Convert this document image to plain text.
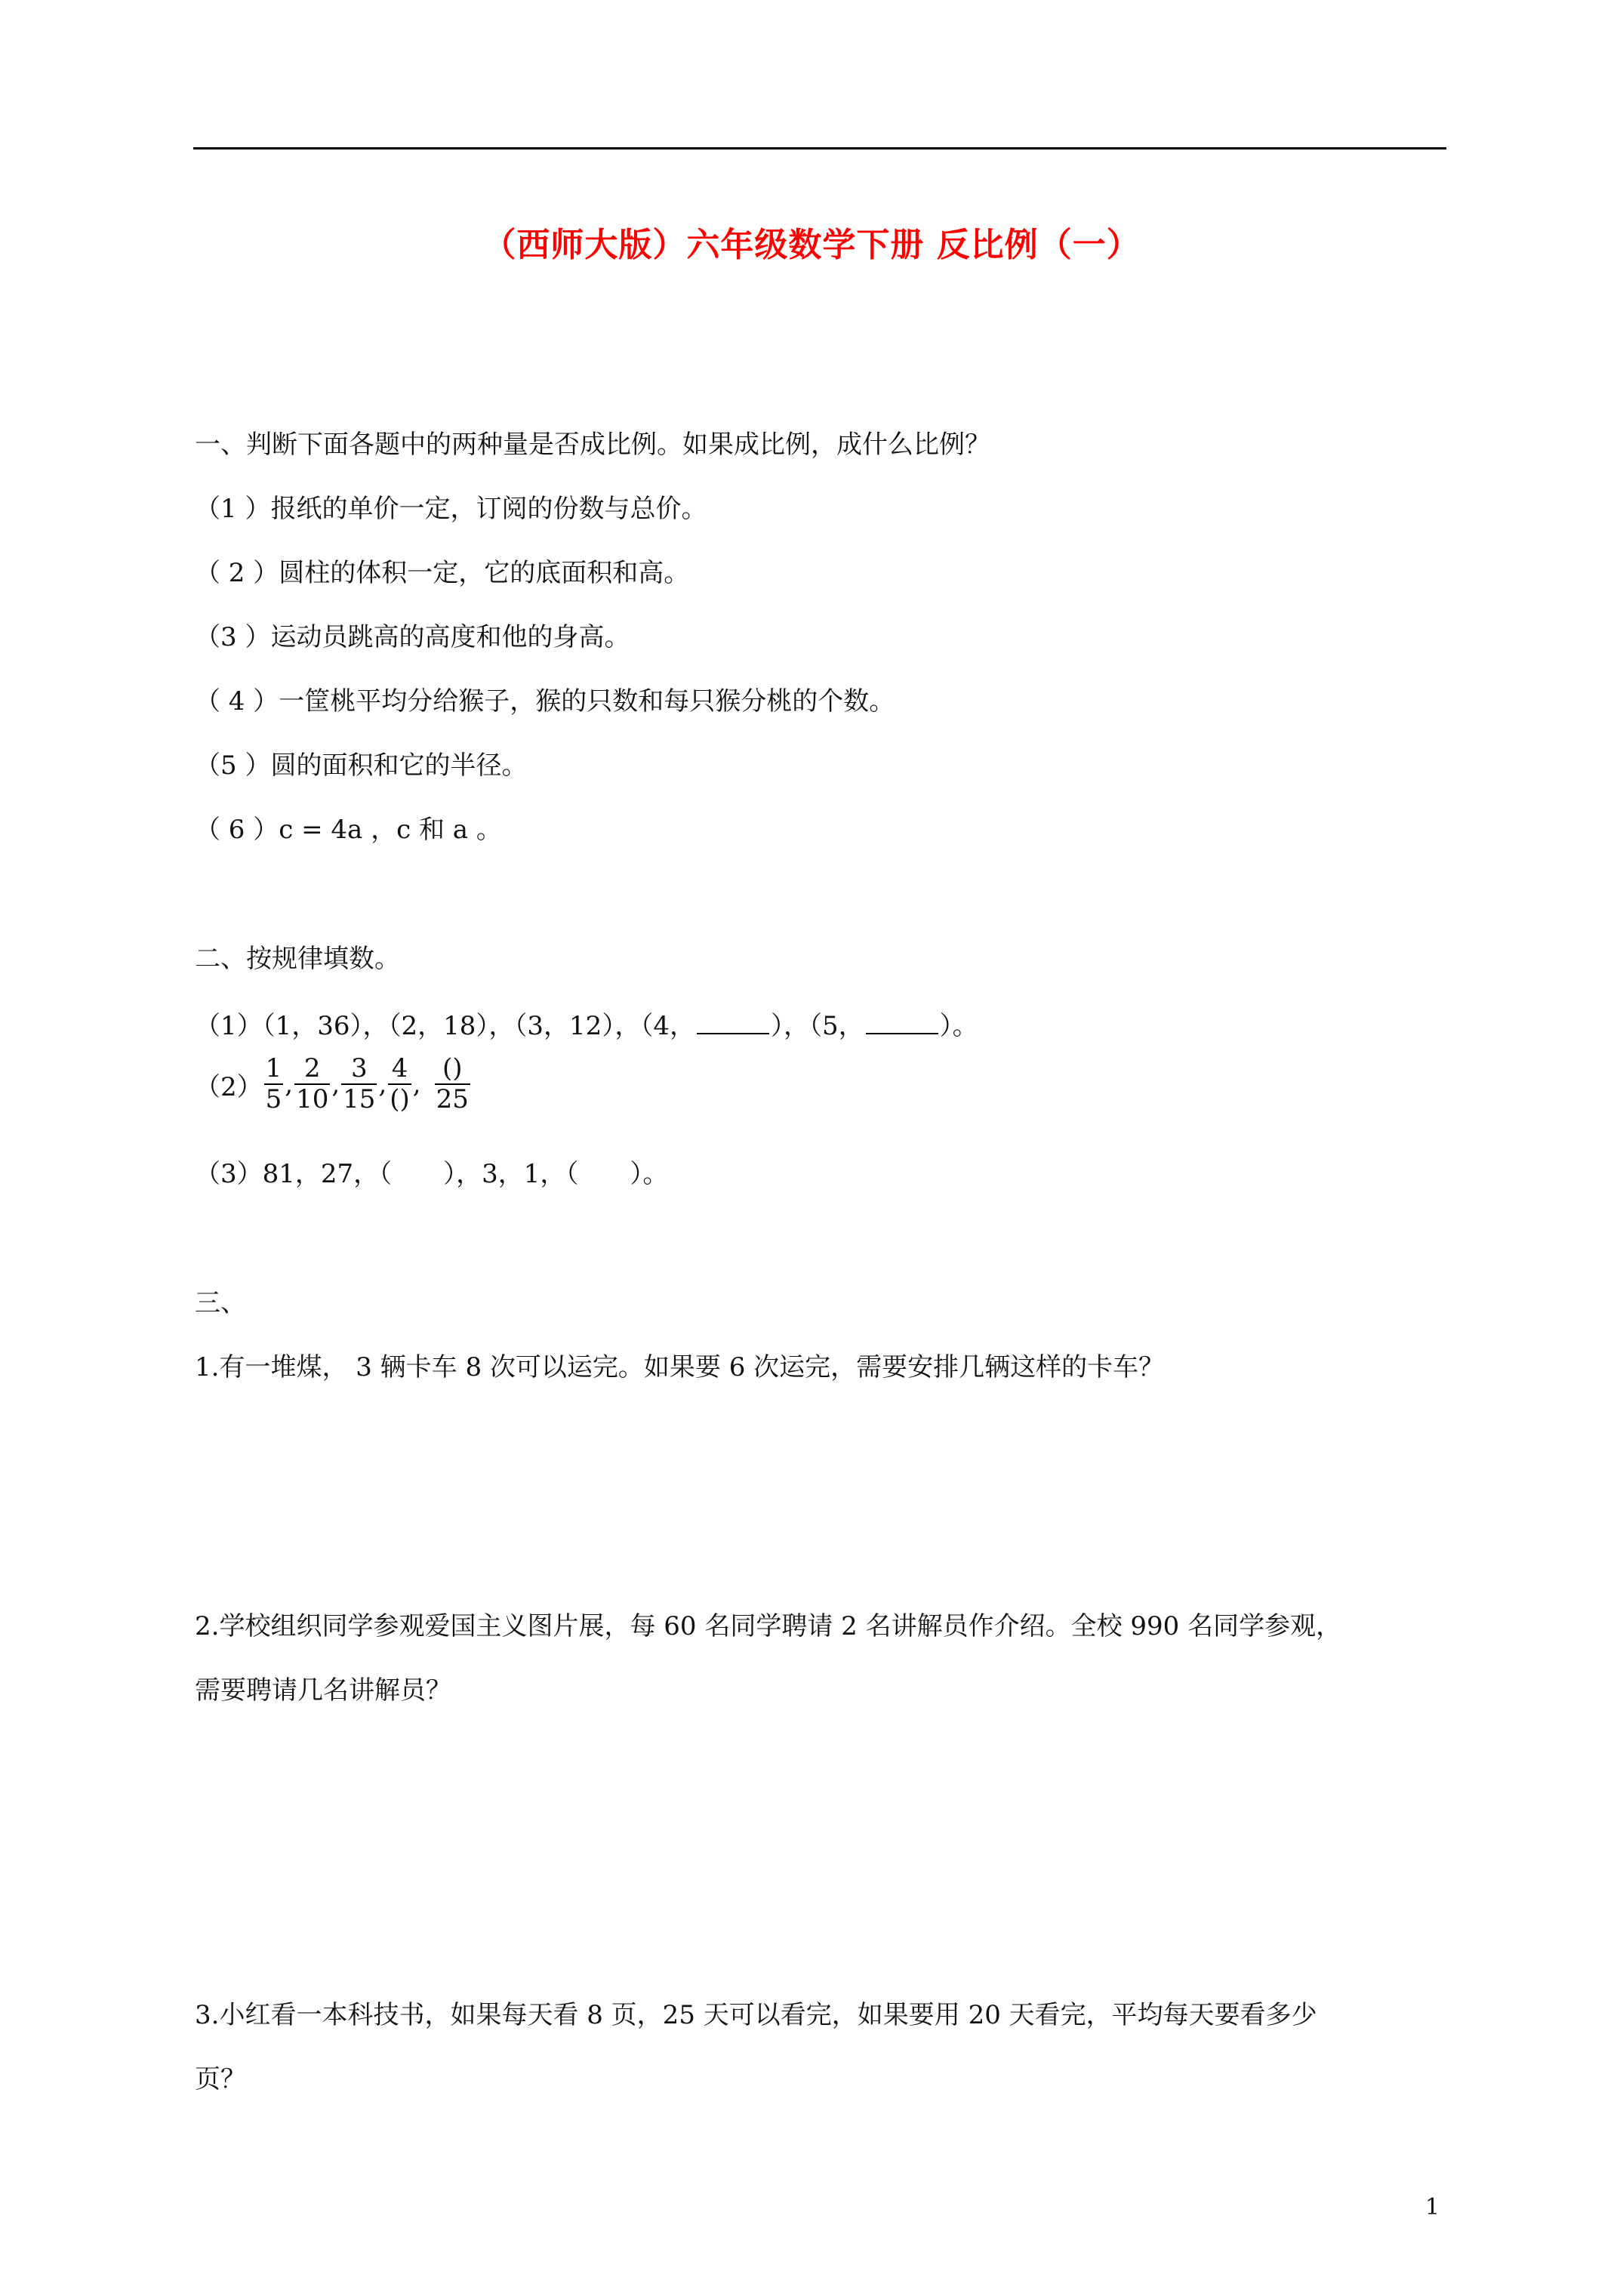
（西师大版）六年级数学下册 反比例（一）
一、判断下面各题中的两种量是否成比例。如果成比例，成什么比例？
（1 ）报纸的单价一定，订阅的份数与总价。
（ 2 ）圆柱的体积一定，它的底面积和高。
（3 ）运动员跳高的高度和他的身高。
（ 4 ）一筐桃平均分给猴子，猴的只数和每只猴分桃的个数。
（5 ）圆的面积和它的半径。
（ 6 ）c = 4a ，c 和 a 。
二、按规律填数。
（1）（1，36），（2，18），（3，12），（4，	），（5，	）。
$(2) \frac{1}{5}$ , $\frac{2}{10}$ , $\frac{3}{15}$ , $\frac{4}{()}$ , $\frac{()}{25}$
（3）81，27，（　　），3，1，（　　）。
三、
1.有一堆煤， 3 辆卡车 8 次可以运完。如果要 6 次运完，需要安排几辆这样的卡车？
2.学校组织同学参观爱国主义图片展，每 60 名同学聘请 2 名讲解员作介绍。全校 990 名同学参观，
需要聘请几名讲解员？
3.小红看一本科技书，如果每天看 8 页，25 天可以看完，如果要用 20 天看完，平均每天要看多少
页？
1
